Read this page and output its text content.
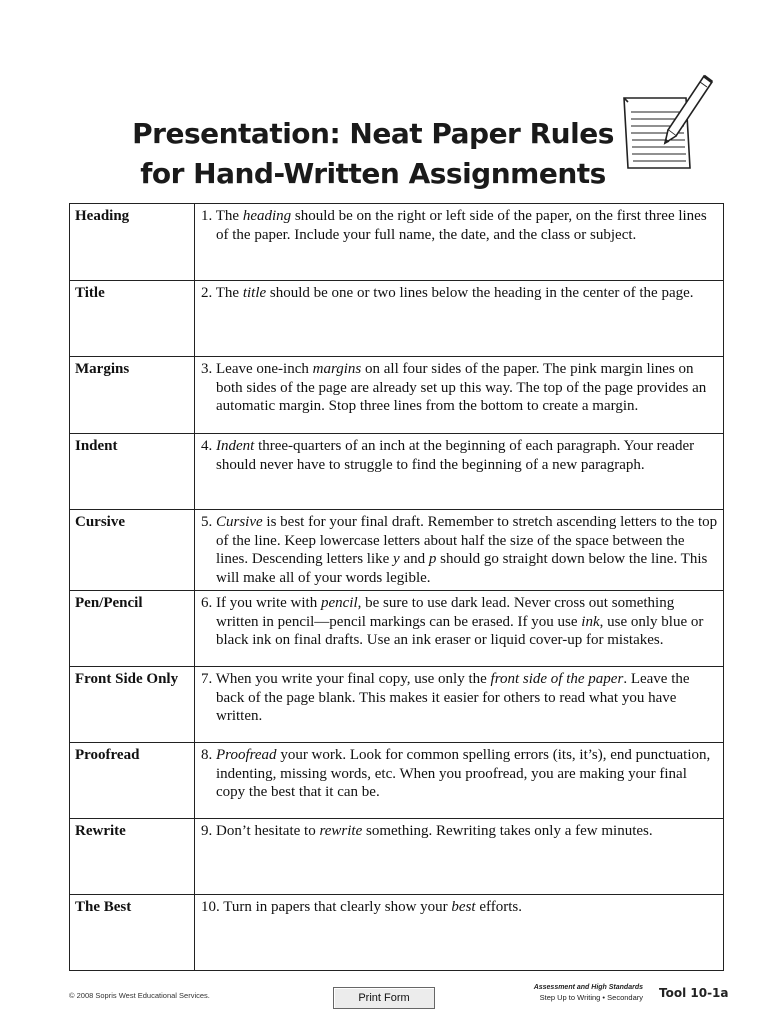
Presentation: Neat Paper Rules
for Hand-Written Assignments
Heading	1. The heading should be on the right or left side of the paper, on the first three lines of the paper. Include your full name, the date, and the class or subject.

Title	2. The title should be one or two lines below the heading in the center of the page.

Margins	3. Leave one-inch margins on all four sides of the paper. The pink margin lines on both sides of the page are already set up this way. The top of the page provides an automatic margin. Stop three lines from the bottom to create a margin.

Indent	4. Indent three-quarters of an inch at the beginning of each paragraph. Your reader should never have to struggle to find the beginning of a new paragraph.

Cursive	5. Cursive is best for your final draft. Remember to stretch ascending letters to the top of the line. Keep lowercase letters about half the size of the space between the lines. Descending letters like y and p should go straight down below the line. This will make all of your words legible.

Pen/Pencil	6. If you write with pencil, be sure to use dark lead. Never cross out something written in pencil—pencil markings can be erased. If you use ink, use only blue or black ink on final drafts. Use an ink eraser or liquid cover-up for mistakes.

Front Side Only	7. When you write your final copy, use only the front side of the paper. Leave the back of the page blank. This makes it easier for others to read what you have written.

Proofread	8. Proofread your work. Look for common spelling errors (its, it’s), end punctuation, indenting, missing words, etc. When you proofread, you are making your final copy the best that it can be.

Rewrite	9. Don’t hesitate to rewrite something. Rewriting takes only a few minutes.

The Best	10. Turn in papers that clearly show your best efforts.
© 2008 Sopris West Educational Services.	Print Form
Assessment and High Standards
Step Up to Writing • Secondary Tool 10-1a
